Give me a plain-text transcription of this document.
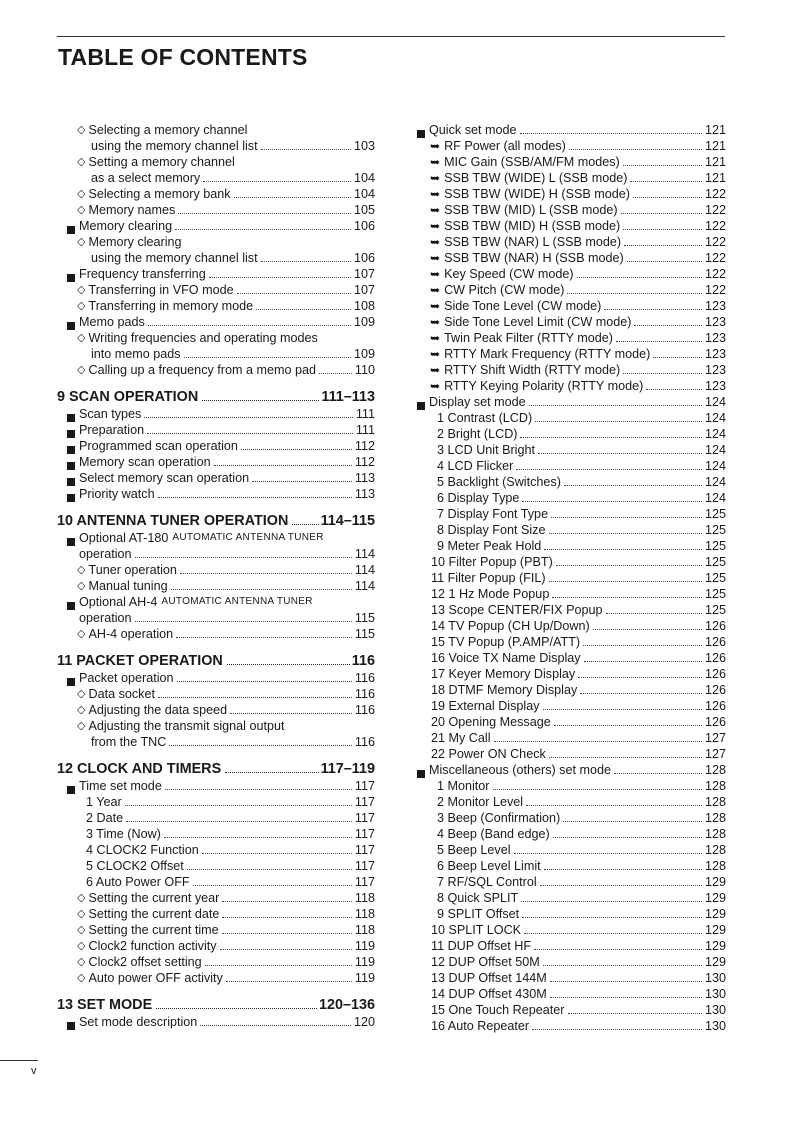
TABLE OF CONTENTS
◇ Selecting a memory channel
using the memory channel list	103
◇ Setting a memory channel
as a select memory	104
◇ Selecting a memory bank	104
◇ Memory names	105
Memory clearing	106
◇ Memory clearing
using the memory channel list	106
Frequency transferring	107
◇ Transferring in VFO mode	107
◇ Transferring in memory mode	108
Memo pads	109
◇ Writing frequencies and operating modes
into memo pads	109
◇ Calling up a frequency from a memo pad	110
9 SCAN OPERATION	111–113
Scan types	111
Preparation	111
Programmed scan operation	112
Memory scan operation	112
Select memory scan operation	113
Priority watch	113
10 ANTENNA TUNER OPERATION 114–115
Optional AT-180 AUTOMATIC ANTENNA TUNER
operation	114
◇ Tuner operation	114
◇ Manual tuning	114
Optional AH-4 AUTOMATIC ANTENNA TUNER
operation	115
◇ AH-4 operation	115
11 PACKET OPERATION	116
Packet operation	116
◇ Data socket	116
◇ Adjusting the data speed	116
◇ Adjusting the transmit signal output
from the TNC	116
12 CLOCK AND TIMERS	117–119
Time set mode	117
1 Year	117
2 Date	117
3 Time (Now)	117
4 CLOCK2 Function	117
5 CLOCK2 Offset	117
6 Auto Power OFF	117
◇ Setting the current year	118
◇ Setting the current date	118
◇ Setting the current time	118
◇ Clock2 function activity	119
◇ Clock2 offset setting	119
◇ Auto power OFF activity	119
13 SET MODE	120–136
Set mode description	120
Quick set mode	121
➥ RF Power (all modes)	121
➥ MIC Gain (SSB/AM/FM modes)	121
➥ SSB TBW (WIDE) L (SSB mode)	121
➥ SSB TBW (WIDE) H (SSB mode)	122
➥ SSB TBW (MID) L (SSB mode)	122
➥ SSB TBW (MID) H (SSB mode)	122
➥ SSB TBW (NAR) L (SSB mode)	122
➥ SSB TBW (NAR) H (SSB mode)	122
➥ Key Speed (CW mode)	122
➥ CW Pitch (CW mode)	122
➥ Side Tone Level (CW mode)	123
➥ Side Tone Level Limit (CW mode)	123
➥ Twin Peak Filter (RTTY mode)	123
➥ RTTY Mark Frequency (RTTY mode)	123
➥ RTTY Shift Width (RTTY mode)	123
➥ RTTY Keying Polarity (RTTY mode)	123
Display set mode	124
1 Contrast (LCD)	124
2 Bright (LCD)	124
3 LCD Unit Bright	124
4 LCD Flicker	124
5 Backlight (Switches)	124
6 Display Type	124
7 Display Font Type	125
8 Display Font Size	125
9 Meter Peak Hold	125
10 Filter Popup (PBT)	125
11 Filter Popup (FIL)	125
12 1 Hz Mode Popup	125
13 Scope CENTER/FIX Popup	125
14 TV Popup (CH Up/Down)	126
15 TV Popup (P.AMP/ATT)	126
16 Voice TX Name Display	126
17 Keyer Memory Display	126
18 DTMF Memory Display	126
19 External Display	126
20 Opening Message	126
21 My Call	127
22 Power ON Check	127
Miscellaneous (others) set mode	128
1 Monitor	128
2 Monitor Level	128
3 Beep (Confirmation)	128
4 Beep (Band edge)	128
5 Beep Level	128
6 Beep Level Limit	128
7 RF/SQL Control	129
8 Quick SPLIT	129
9 SPLIT Offset	129
10 SPLIT LOCK	129
11 DUP Offset HF	129
12 DUP Offset 50M	129
13 DUP Offset 144M	130
14 DUP Offset 430M	130
15 One Touch Repeater	130
16 Auto Repeater	130
v
